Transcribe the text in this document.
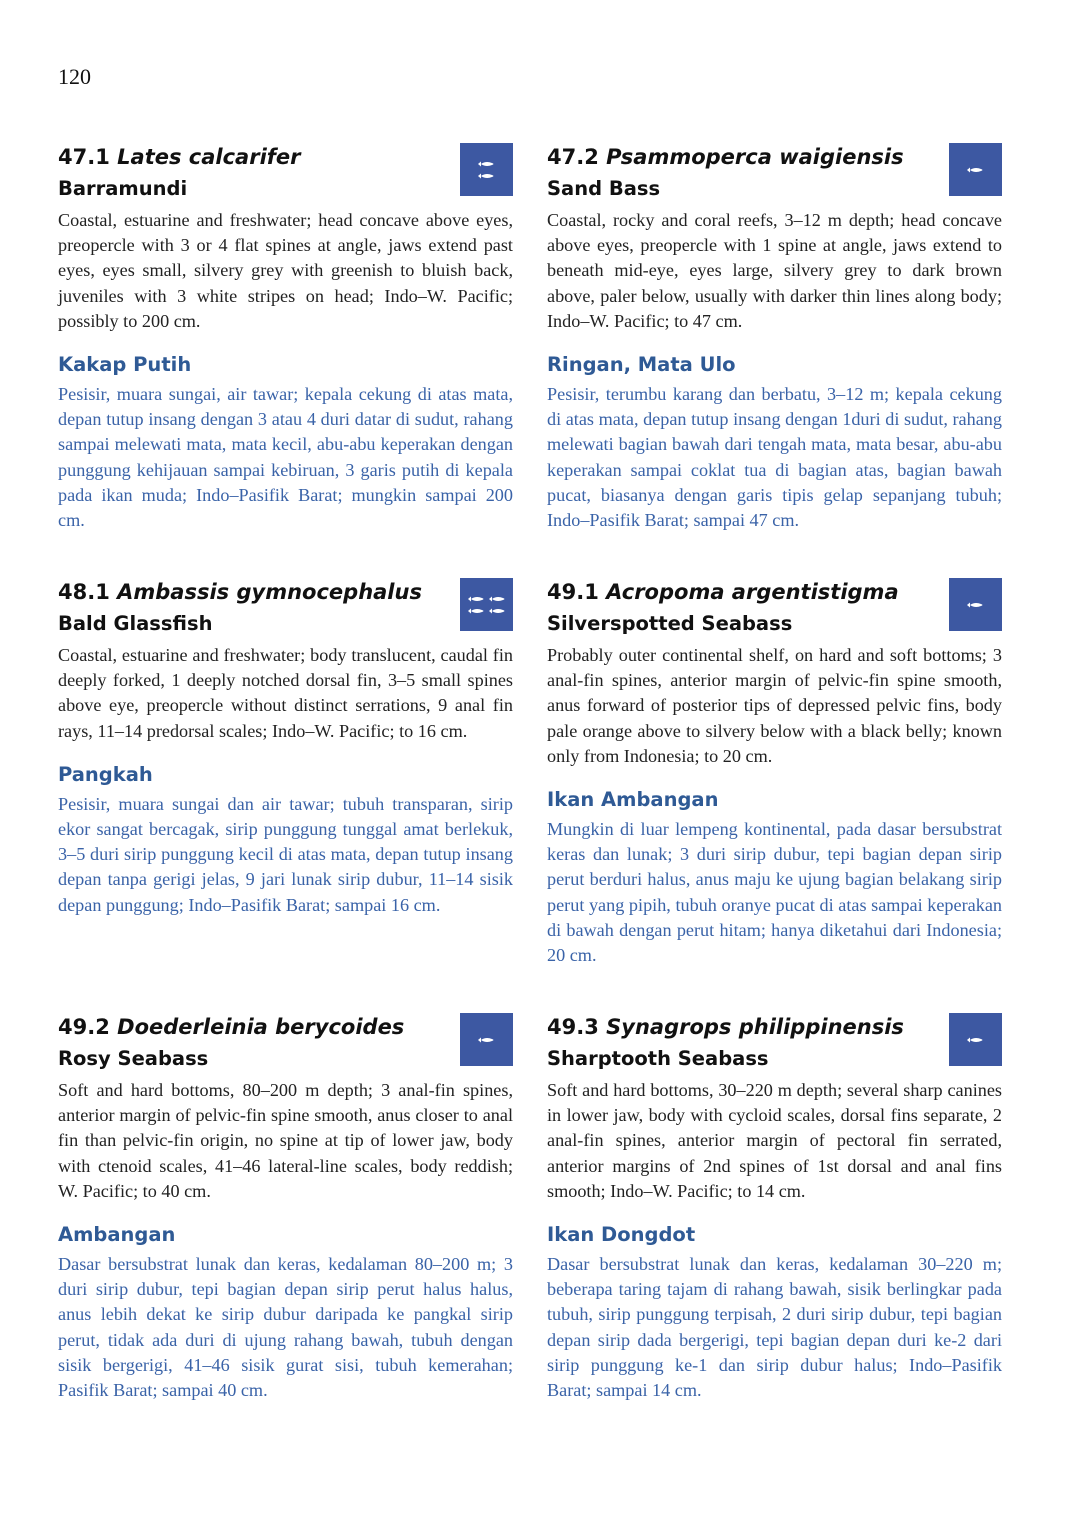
120
47.1 Lates calcarifer
Barramundi

Coastal, estuarine and freshwater; head concave above eyes, preopercle with 3 or 4 flat spines at angle, jaws extend past eyes, eyes small, silvery grey with greenish to bluish back, juveniles with 3 white stripes on head; Indo–W. Pacific; possibly to 200 cm.

Kakap Putih

Pesisir, muara sungai, air tawar; kepala cekung di atas mata, depan tutup insang dengan 3 atau 4 duri datar di sudut, rahang sampai melewati mata, mata kecil, abu-abu keperakan dengan punggung kehijauan sampai kebiruan, 3 garis putih di kepala pada ikan muda; Indo–Pasifik Barat; mungkin sampai 200 cm.

47.2 Psammoperca waigiensis
Sand Bass

Coastal, rocky and coral reefs, 3–12 m depth; head concave above eyes, preopercle with 1 spine at angle, jaws extend to beneath mid-eye, eyes large, silvery grey to dark brown above, paler below, usually with darker thin lines along body; Indo–W. Pacific; to 47 cm.

Ringan, Mata Ulo

Pesisir, terumbu karang dan berbatu, 3–12 m; kepala cekung di atas mata, depan tutup insang dengan 1duri di sudut, rahang melewati bagian bawah dari tengah mata, mata besar, abu-abu keperakan sampai coklat tua di bagian atas, bagian bawah pucat, biasanya dengan garis tipis gelap sepanjang tubuh; Indo–Pasifik Barat; sampai 47 cm.

48.1 Ambassis gymnocephalus
Bald Glassfish

Coastal, estuarine and freshwater; body translucent, caudal fin deeply forked, 1 deeply notched dorsal fin, 3–5 small spines above eye, preopercle without distinct serrations, 9 anal fin rays, 11–14 predorsal scales; Indo–W. Pacific; to 16 cm.

Pangkah

Pesisir, muara sungai dan air tawar; tubuh transparan, sirip ekor sangat bercagak, sirip punggung tunggal amat berlekuk, 3–5 duri sirip punggung kecil di atas mata, depan tutup insang depan tanpa gerigi jelas, 9 jari lunak sirip dubur, 11–14 sisik depan punggung; Indo–Pasifik Barat; sampai 16 cm.

49.1 Acropoma argentistigma
Silverspotted Seabass

Probably outer continental shelf, on hard and soft bottoms; 3 anal-fin spines, anterior margin of pelvic-fin spine smooth, anus forward of posterior tips of depressed pelvic fins, body pale orange above to silvery below with a black belly; known only from Indonesia; to 20 cm.

Ikan Ambangan

Mungkin di luar lempeng kontinental, pada dasar bersubstrat keras dan lunak; 3 duri sirip dubur, tepi bagian depan sirip perut berduri halus, anus maju ke ujung bagian belakang sirip perut yang pipih, tubuh oranye pucat di atas sampai keperakan di bawah dengan perut hitam; hanya diketahui dari Indonesia; 20 cm.

49.2 Doederleinia berycoides
Rosy Seabass

Soft and hard bottoms, 80–200 m depth; 3 anal-fin spines, anterior margin of pelvic-fin spine smooth, anus closer to anal fin than pelvic-fin origin, no spine at tip of lower jaw, body with ctenoid scales, 41–46 lateral-line scales, body reddish; W. Pacific; to 40 cm.

Ambangan

Dasar bersubstrat lunak dan keras, kedalaman 80–200 m; 3 duri sirip dubur, tepi bagian depan sirip perut halus halus, anus lebih dekat ke sirip dubur daripada ke pangkal sirip perut, tidak ada duri di ujung rahang bawah, tubuh dengan sisik bergerigi, 41–46 sisik gurat sisi, tubuh kemerahan; Pasifik Barat; sampai 40 cm.

49.3 Synagrops philippinensis
Sharptooth Seabass

Soft and hard bottoms, 30–220 m depth; several sharp canines in lower jaw, body with cycloid scales, dorsal fins separate, 2 anal-fin spines, anterior margin of pectoral fin serrated, anterior margins of 2nd spines of 1st dorsal and anal fins smooth; Indo–W. Pacific; to 14 cm.

Ikan Dongdot

Dasar bersubstrat lunak dan keras, kedalaman 30–220 m; beberapa taring tajam di rahang bawah, sisik berlingkar pada tubuh, sirip punggung terpisah, 2 duri sirip dubur, tepi bagian depan sirip dada bergerigi, tepi bagian depan duri ke-2 dari sirip punggung ke-1 dan sirip dubur halus; Indo–Pasifik Barat; sampai 14 cm.
